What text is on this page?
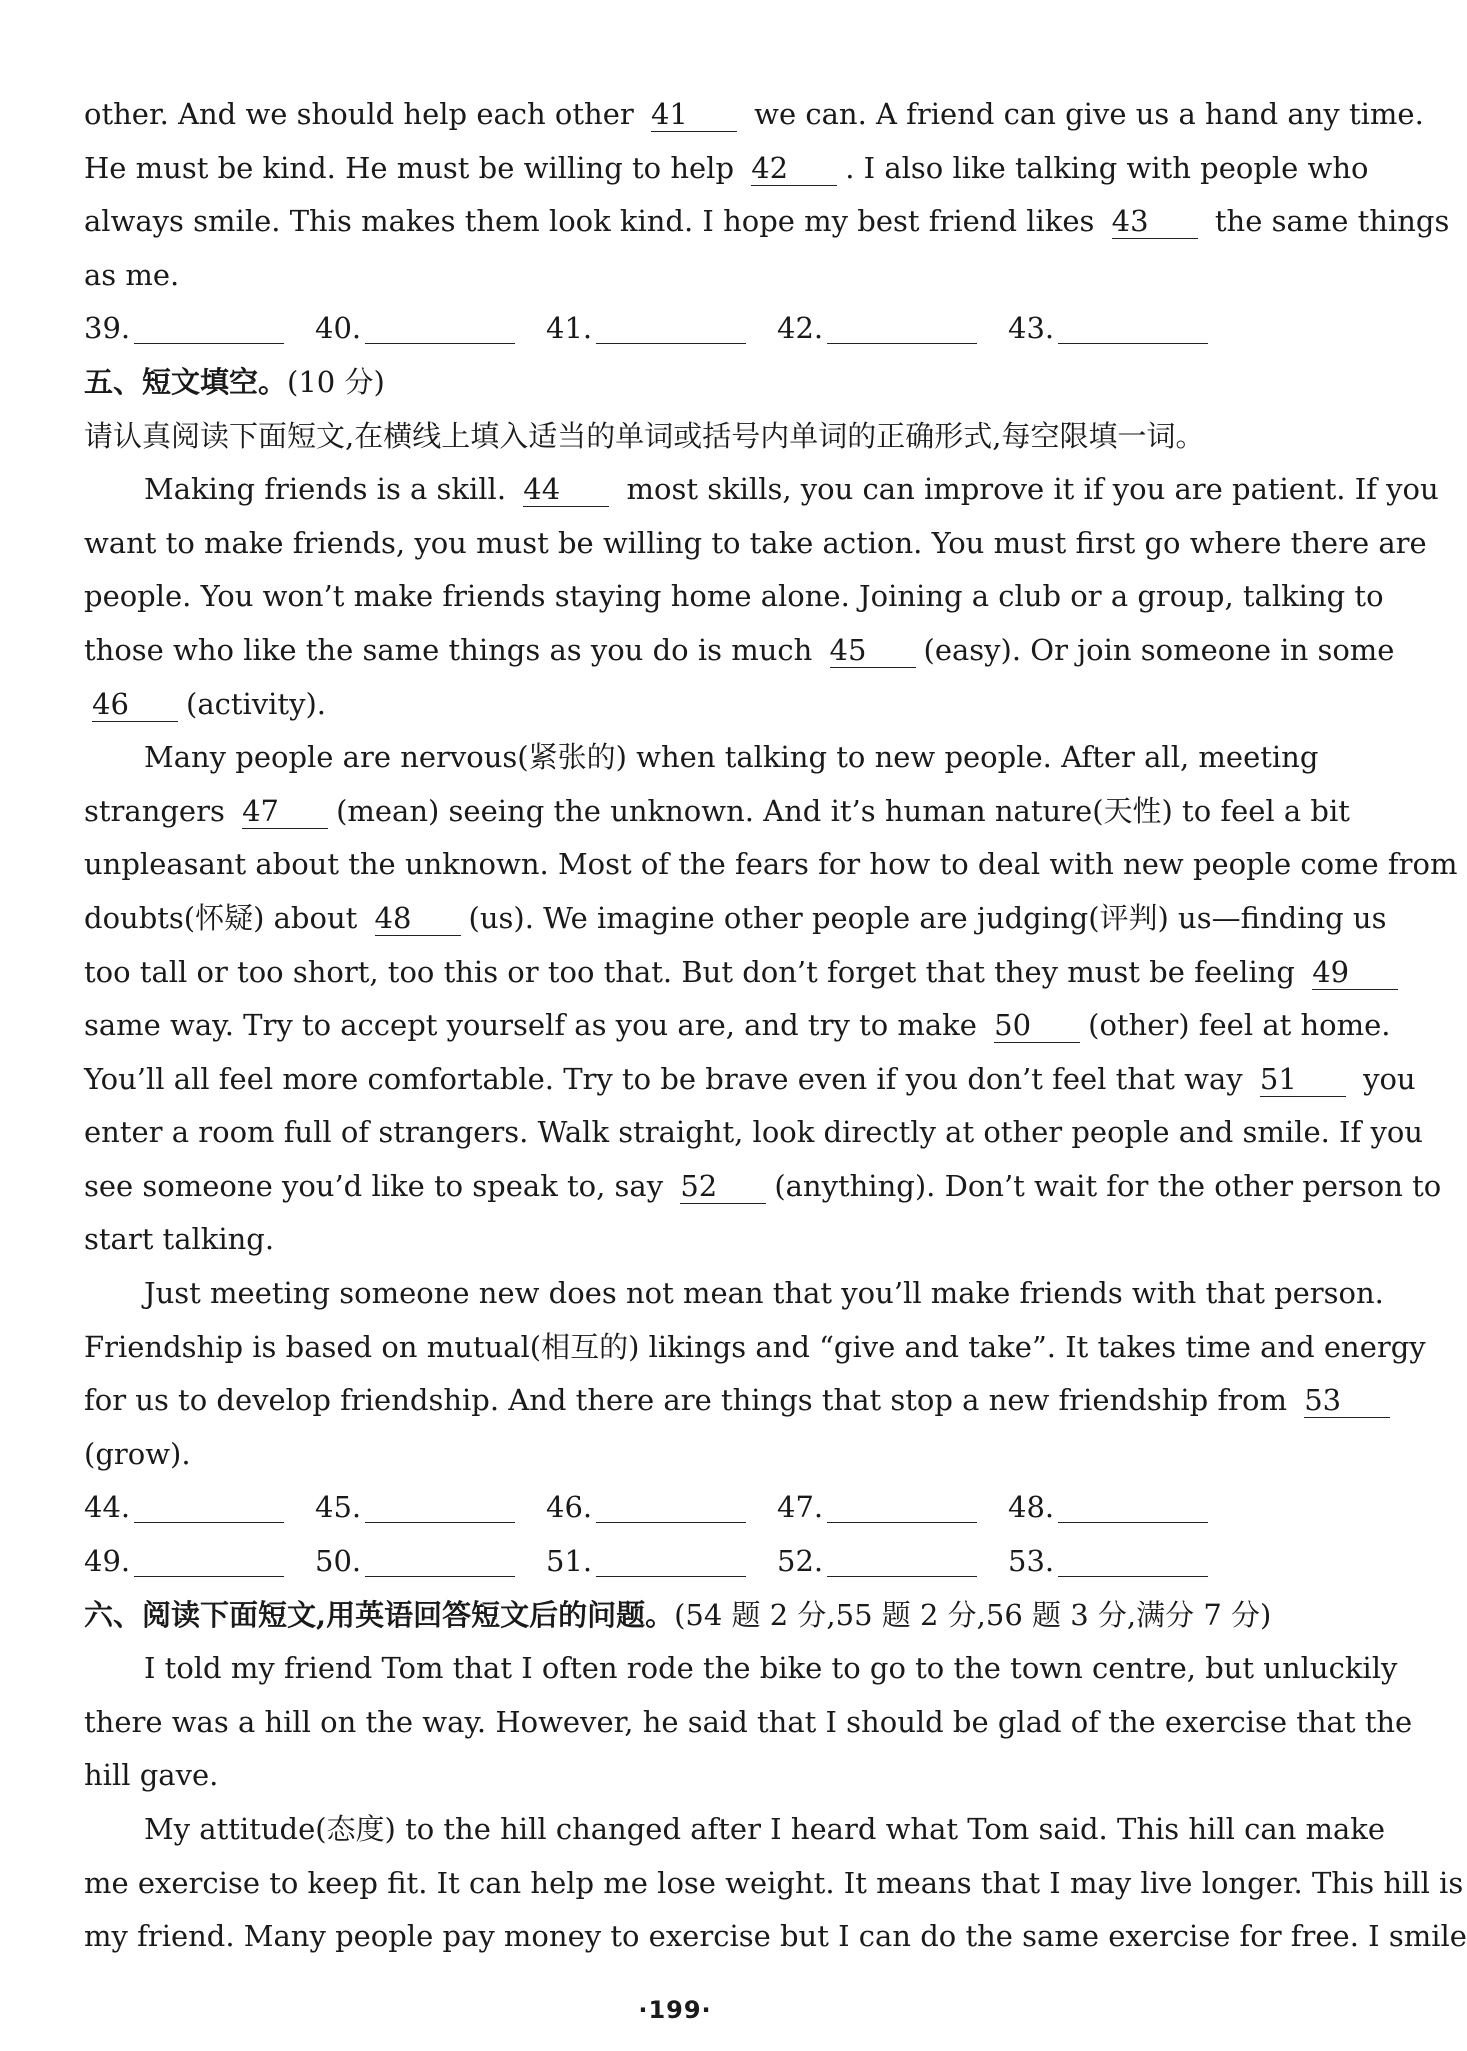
other. And we should help each other 41 we can. A friend can give us a hand any time.
He must be kind. He must be willing to help 42 . I also like talking with people who
always smile. This makes them look kind. I hope my best friend likes 43 the same things
as me.
39.	40.	41.	42.	43.
五、短文填空。(10 分)
请认真阅读下面短文,在横线上填入适当的单词或括号内单词的正确形式,每空限填一词。
Making friends is a skill. 44 most skills, you can improve it if you are patient. If you
want to make friends, you must be willing to take action. You must first go where there are
people. You won’t make friends staying home alone. Joining a club or a group, talking to
those who like the same things as you do is much 45 (easy). Or join someone in some
46 (activity).
Many people are nervous(紧张的) when talking to new people. After all, meeting
strangers 47 (mean) seeing the unknown. And it’s human nature(天性) to feel a bit
unpleasant about the unknown. Most of the fears for how to deal with new people come from
doubts(怀疑) about 48 (us). We imagine other people are judging(评判) us—finding us
too tall or too short, too this or too that. But don’t forget that they must be feeling 49
same way. Try to accept yourself as you are, and try to make 50 (other) feel at home.
You’ll all feel more comfortable. Try to be brave even if you don’t feel that way 51 you
enter a room full of strangers. Walk straight, look directly at other people and smile. If you
see someone you’d like to speak to, say 52 (anything). Don’t wait for the other person to
start talking.
Just meeting someone new does not mean that you’ll make friends with that person.
Friendship is based on mutual(相互的) likings and “give and take”. It takes time and energy
for us to develop friendship. And there are things that stop a new friendship from 53
(grow).
44.	45.	46.	47.	48.
49.	50.	51.	52.	53.
六、阅读下面短文,用英语回答短文后的问题。(54 题 2 分,55 题 2 分,56 题 3 分,满分 7 分)
I told my friend Tom that I often rode the bike to go to the town centre, but unluckily
there was a hill on the way. However, he said that I should be glad of the exercise that the
hill gave.
My attitude(态度) to the hill changed after I heard what Tom said. This hill can make
me exercise to keep fit. It can help me lose weight. It means that I may live longer. This hill is
my friend. Many people pay money to exercise but I can do the same exercise for free. I smile
·199·
